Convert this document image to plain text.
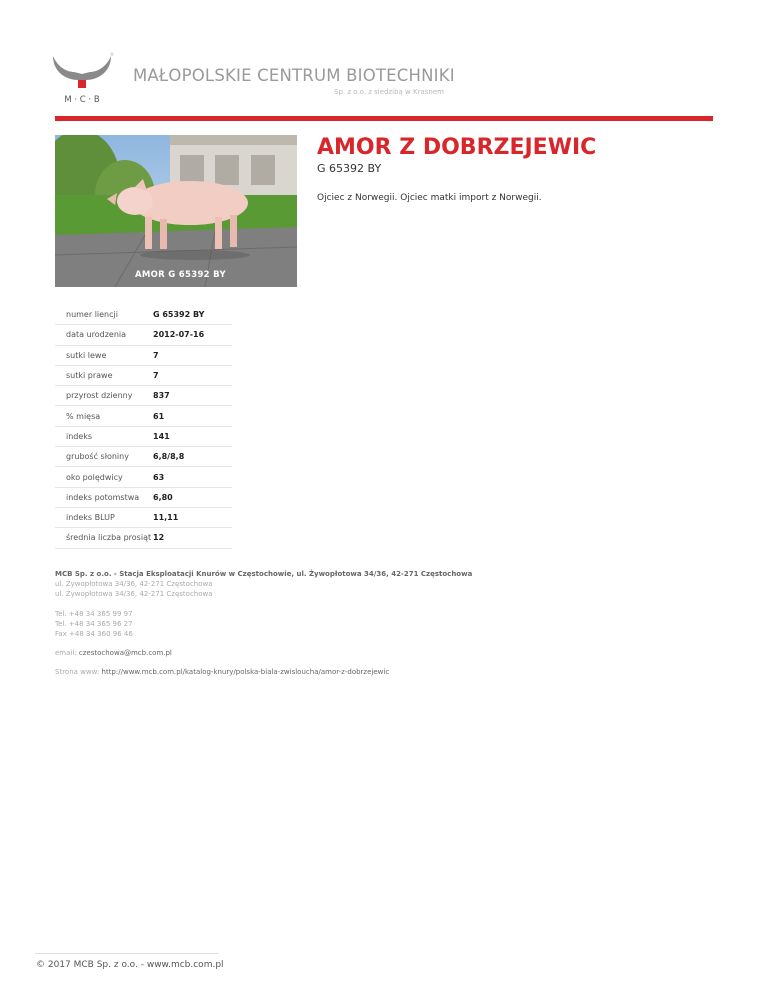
®
M · C · B
MAŁOPOLSKIE CENTRUM BIOTECHNIKI
Sp. z o.o. z siedzibą w Krasnem
AMOR G 65392 BY
AMOR Z DOBRZEJEWIC
G 65392 BY
Ojciec z Norwegii. Ojciec matki import z Norwegii.
numer liencji	G 65392 BY
data urodzenia	2012-07-16
sutki lewe	7
sutki prawe	7
przyrost dzienny	837
% mięsa	61
indeks	141
grubość słoniny	6,8/8,8
oko polędwicy	63
indeks potomstwa	6,80
indeks BLUP	11,11
średnia liczba prosiąt	12
MCB Sp. z o.o. - Stacja Eksploatacji Knurów w Częstochowie, ul. Żywopłotowa 34/36, 42-271 Częstochowa
ul. Żywopłotowa 34/36, 42-271 Częstochowa
ul. Żywopłotowa 34/36, 42-271 Częstochowa
Tel. +48 34 365 99 97
Tel. +48 34 365 96 27
Fax +48 34 360 96 46
email: czestochowa@mcb.com.pl
Strona www: http://www.mcb.com.pl/katalog-knury/polska-biala-zwisloucha/amor-z-dobrzejewic
© 2017 MCB Sp. z o.o. - www.mcb.com.pl
